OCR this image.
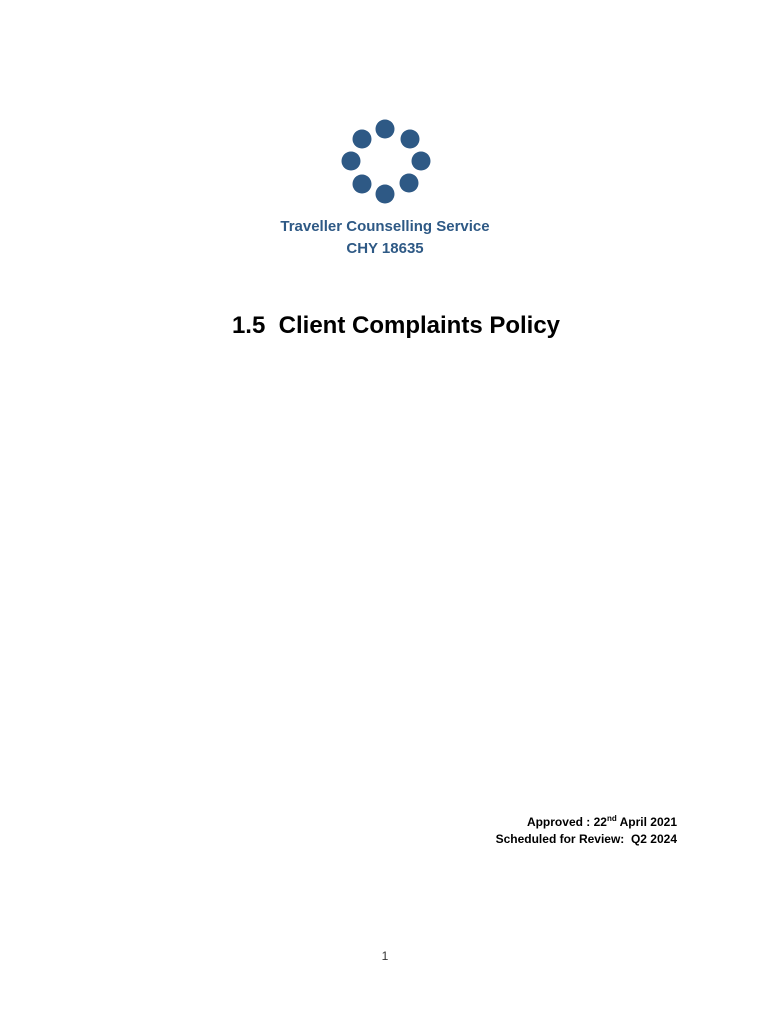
Traveller Counselling Service
CHY 18635
1.5  Client Complaints Policy
Approved : 22nd April 2021
Scheduled for Review:  Q2 2024
1
